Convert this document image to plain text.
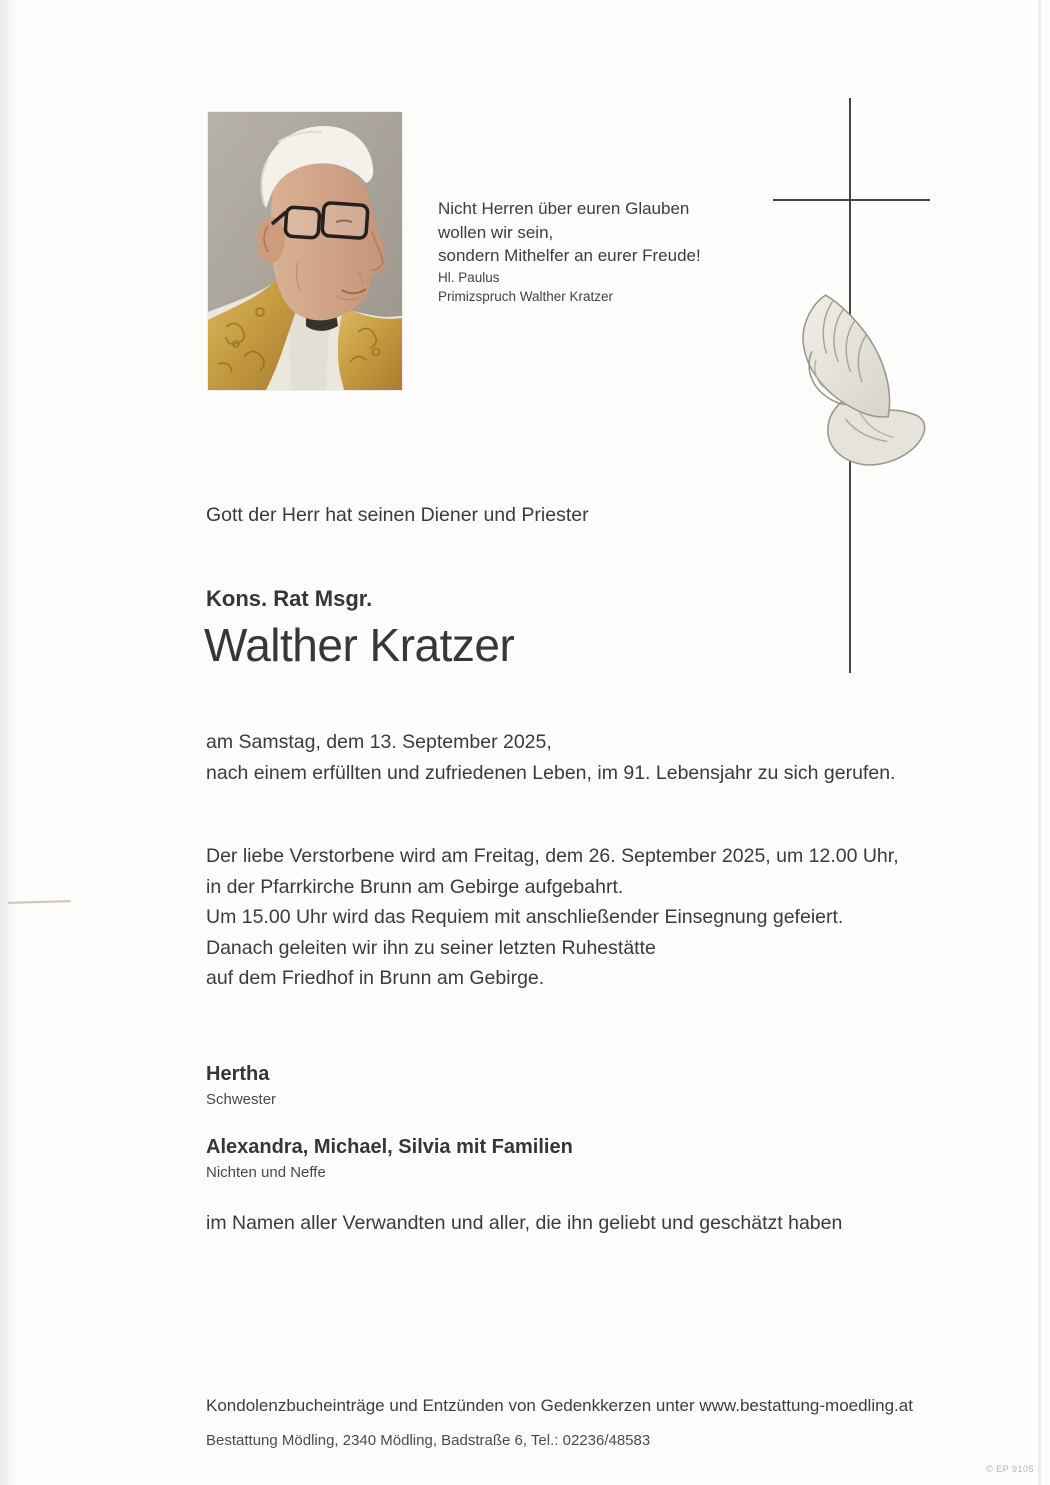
Nicht Herren über euren Glauben
wollen wir sein,
sondern Mithelfer an eurer Freude!
Hl. Paulus
Primizspruch Walther Kratzer
Gott der Herr hat seinen Diener und Priester
Kons. Rat Msgr.
Walther Kratzer
am Samstag, dem 13. September 2025,
nach einem erfüllten und zufriedenen Leben, im 91. Lebensjahr zu sich gerufen.
Der liebe Verstorbene wird am Freitag, dem 26. September 2025, um 12.00 Uhr,
in der Pfarrkirche Brunn am Gebirge aufgebahrt.
Um 15.00 Uhr wird das Requiem mit anschließender Einsegnung gefeiert.
Danach geleiten wir ihn zu seiner letzten Ruhestätte
auf dem Friedhof in Brunn am Gebirge.
Hertha
Schwester
Alexandra, Michael, Silvia mit Familien
Nichten und Neffe
im Namen aller Verwandten und aller, die ihn geliebt und geschätzt haben
Kondolenzbucheinträge und Entzünden von Gedenkkerzen unter www.bestattung-moedling.at
Bestattung Mödling, 2340 Mödling, Badstraße 6, Tel.: 02236/48583
© EP 9105
